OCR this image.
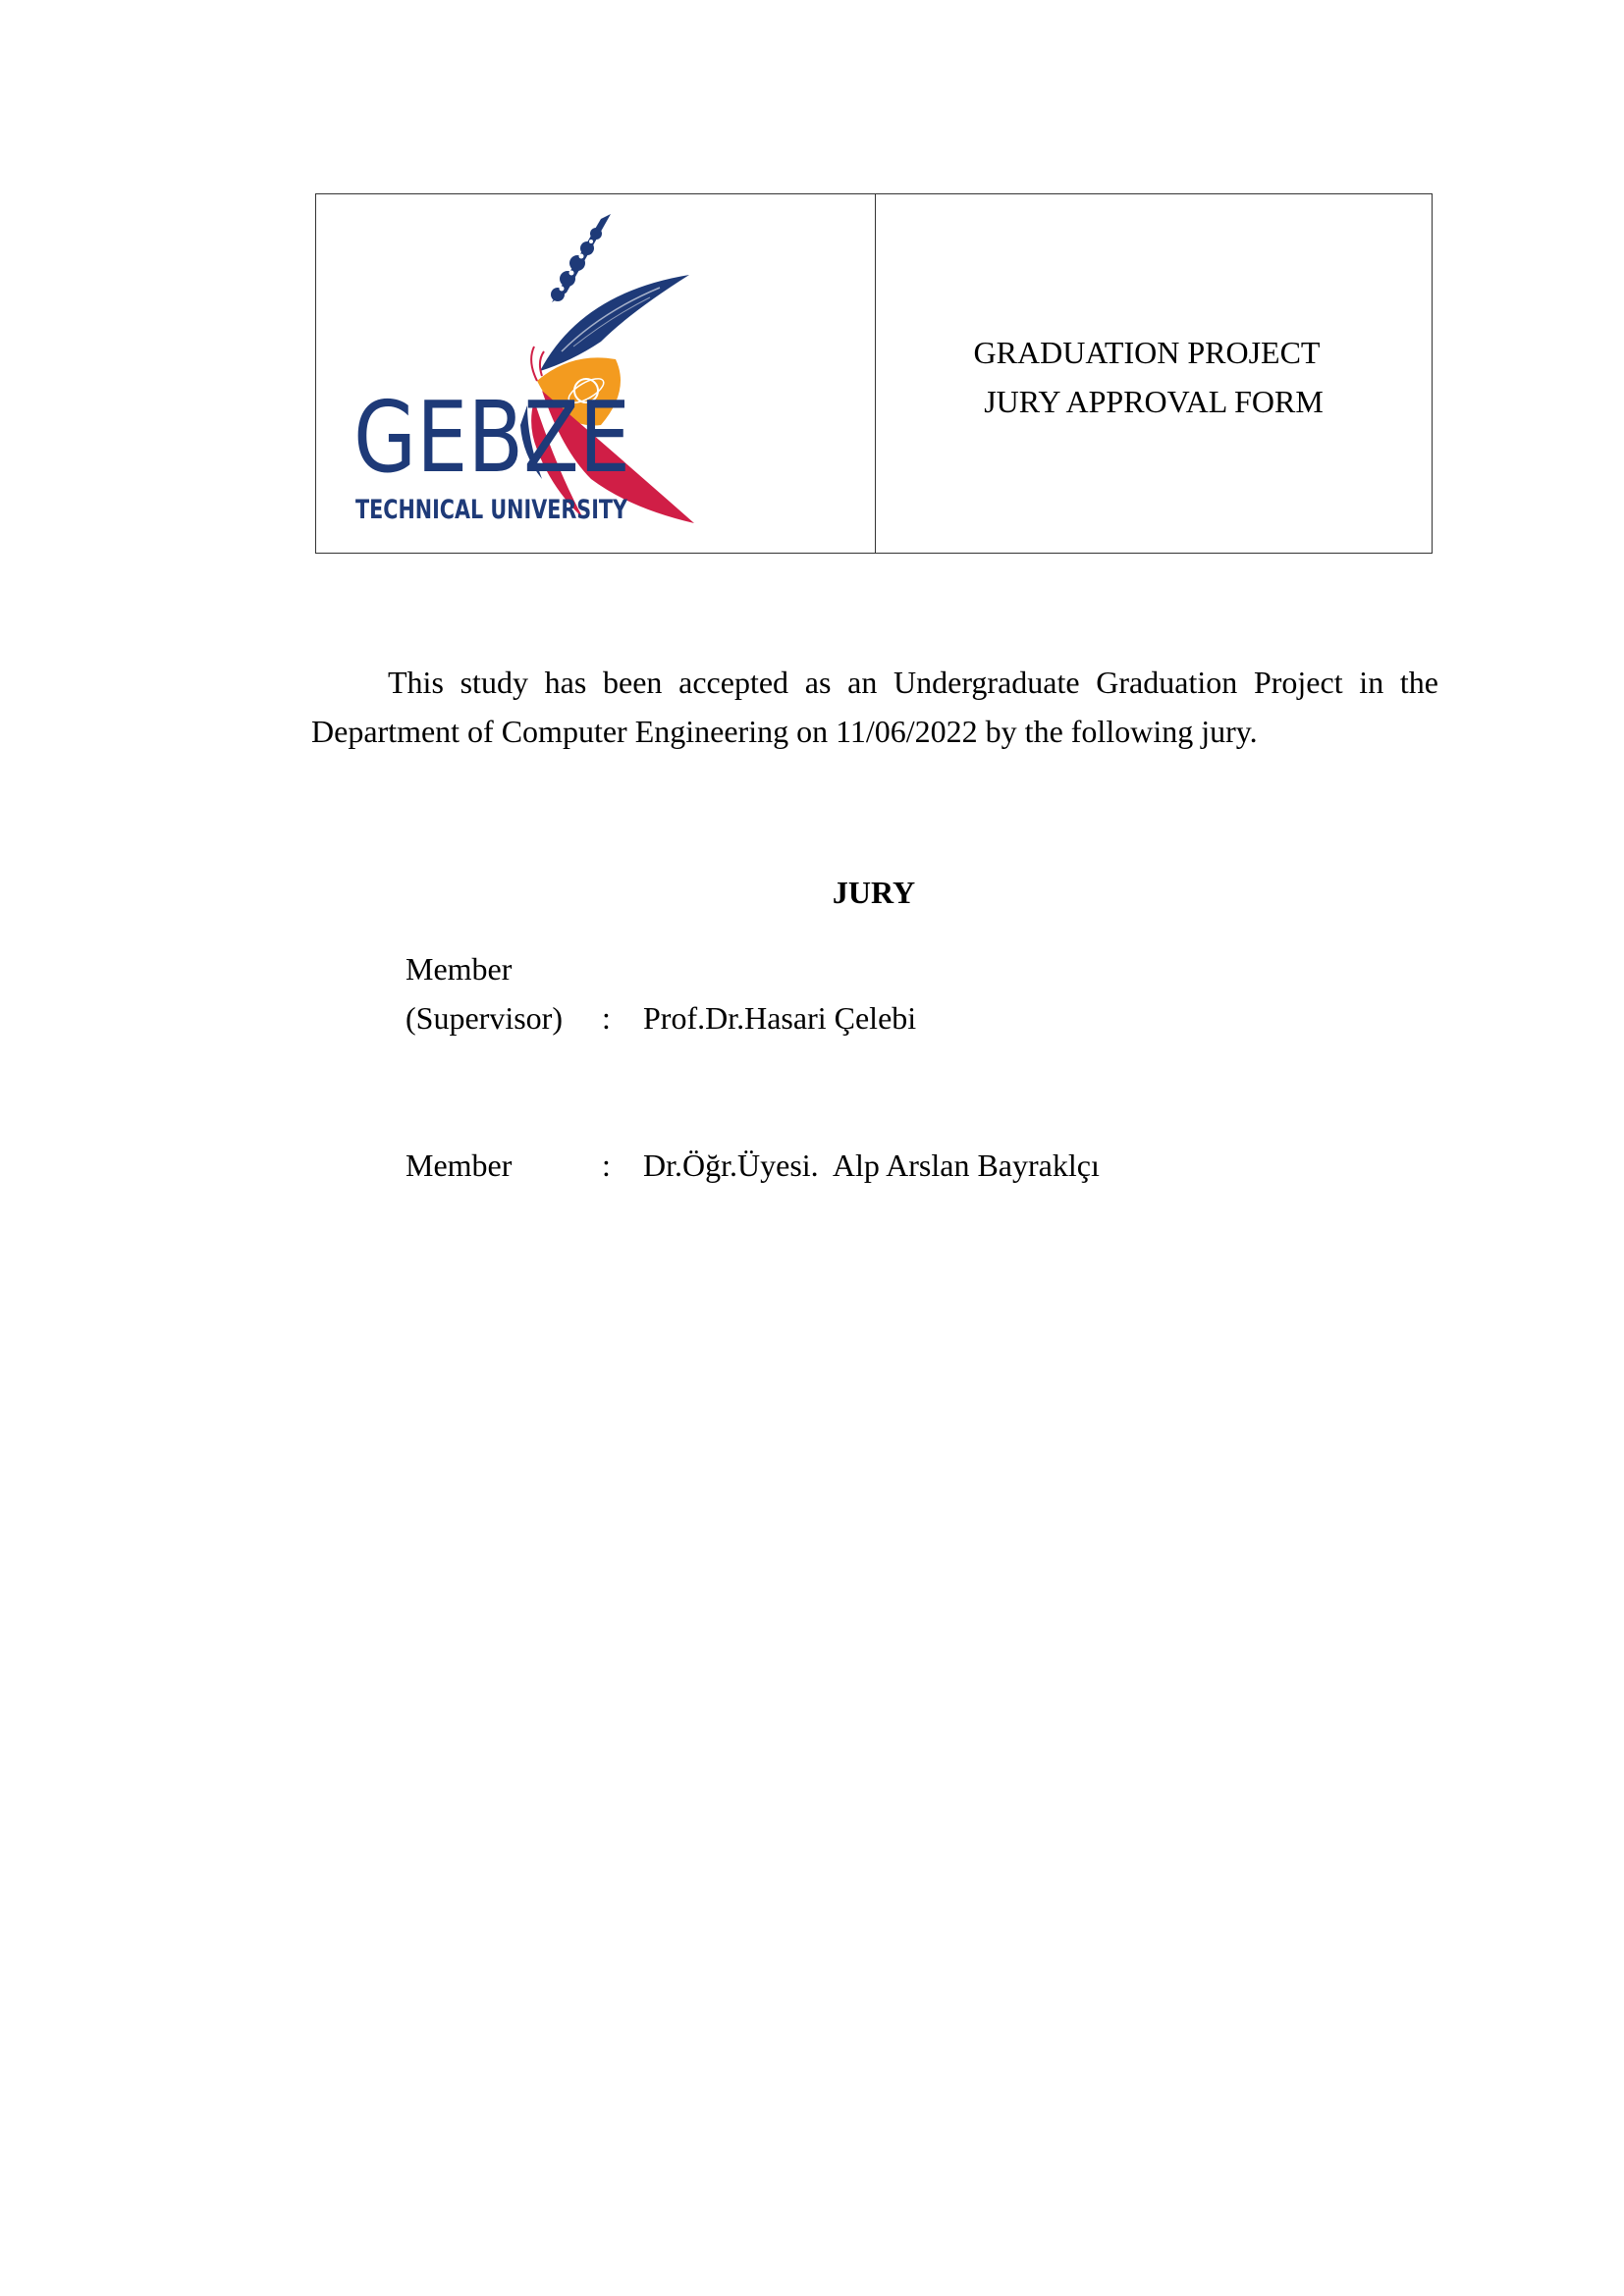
GEBZE
TECHNICAL UNIVERSITY
GRADUATION PROJECT
JURY APPROVAL FORM

This study has been accepted as an Undergraduate Graduation Project in the Department of Computer Engineering on 11/06/2022 by the following jury.

JURY
Member
(Supervisor) : Prof.Dr.Hasari Çelebi
Member	: Dr.Öğr.Üyesi.  Alp Arslan Bayraklçı
